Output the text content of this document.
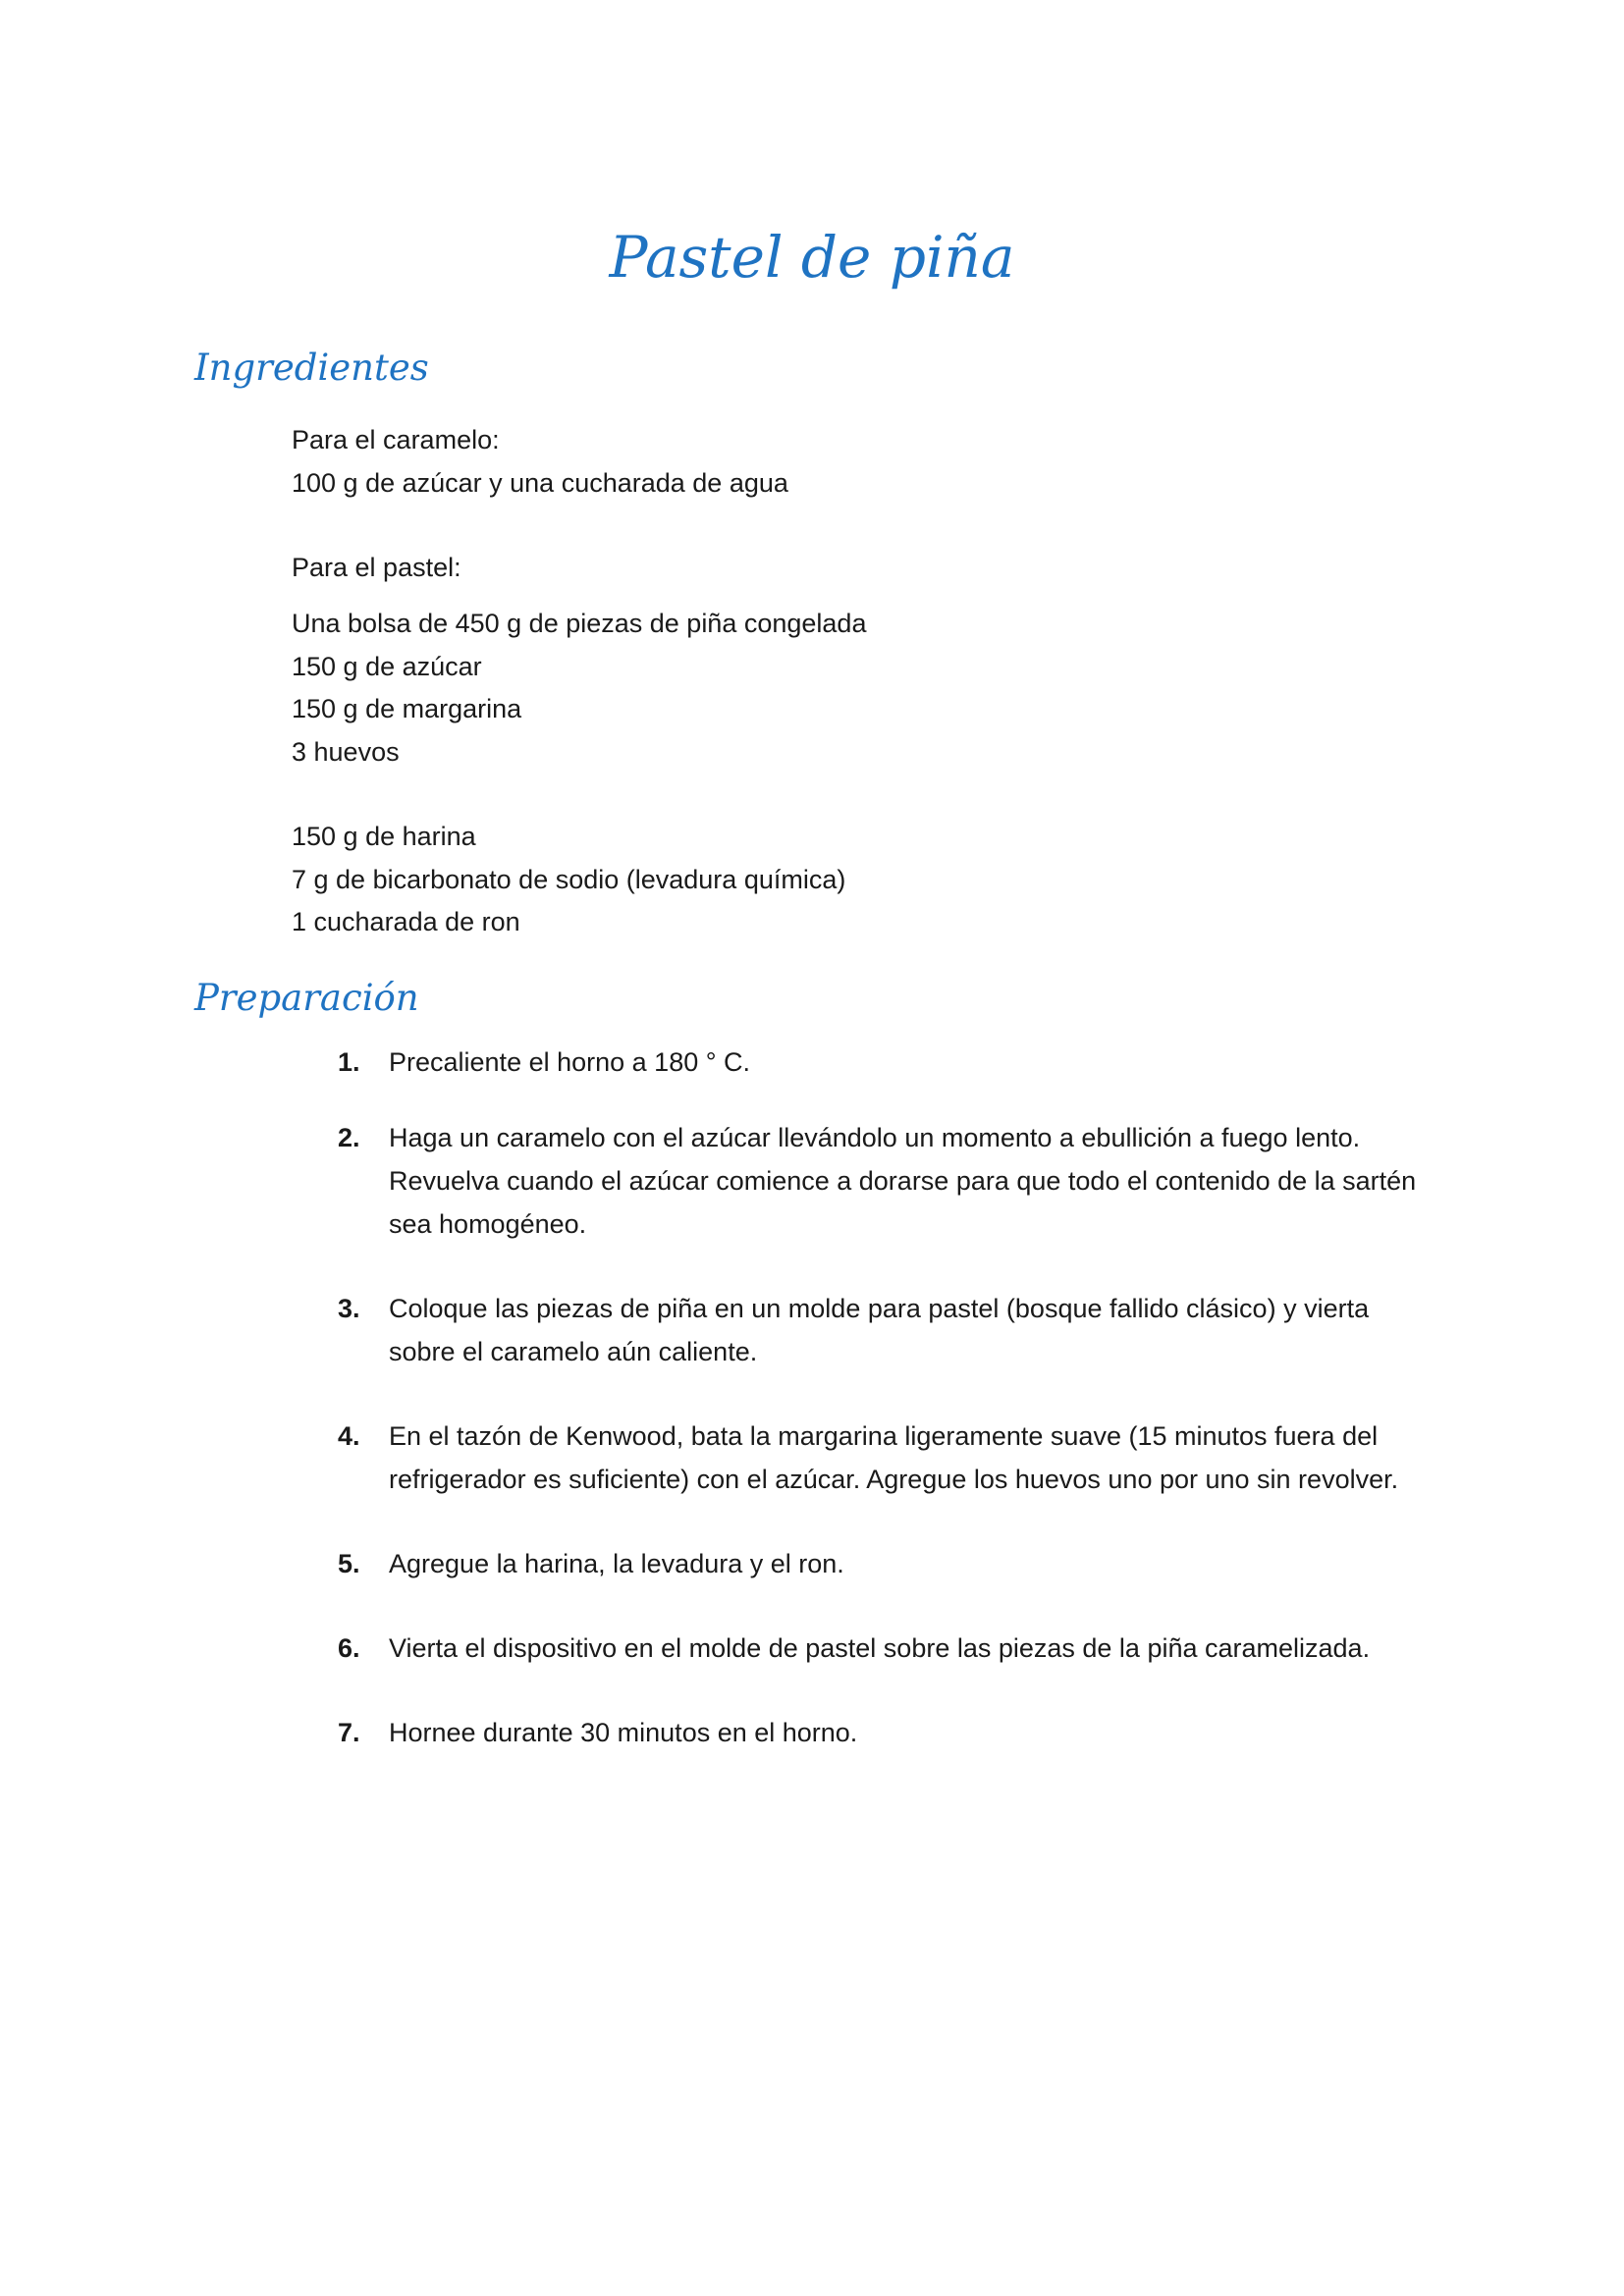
Pastel de piña
Ingredientes
Para el caramelo:
100 g de azúcar y una cucharada de agua
Para el pastel:
Una bolsa de 450 g de piezas de piña congelada
150 g de azúcar
150 g de margarina
3 huevos
150 g de harina
7 g de bicarbonato de sodio (levadura química)
1 cucharada de ron
Preparación
1. Precaliente el horno a 180 ° C.
2. Haga un caramelo con el azúcar llevándolo un momento a ebullición a fuego lento. Revuelva cuando el azúcar comience a dorarse para que todo el contenido de la sartén sea homogéneo.
3. Coloque las piezas de piña en un molde para pastel (bosque fallido clásico) y vierta sobre el caramelo aún caliente.
4. En el tazón de Kenwood, bata la margarina ligeramente suave (15 minutos fuera del refrigerador es suficiente) con el azúcar. Agregue los huevos uno por uno sin revolver.
5. Agregue la harina, la levadura y el ron.
6. Vierta el dispositivo en el molde de pastel sobre las piezas de la piña caramelizada.
7. Hornee durante 30 minutos en el horno.
